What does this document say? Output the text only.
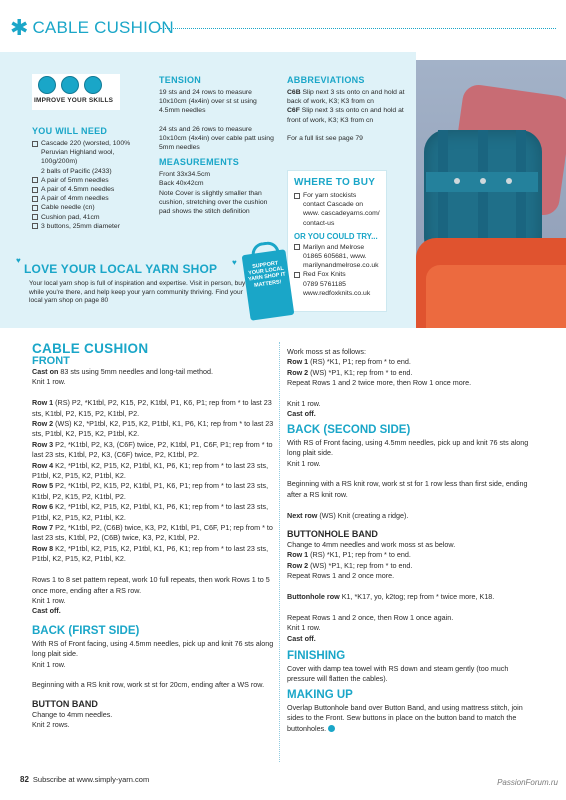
✱ CABLE CUSHION
IMPROVE YOUR SKILLS
YOU WILL NEED
Cascade 220 (worsted, 100% Peruvian Highland wool, 100g/200m)
2 balls of Pacific (2433)
A pair of 5mm needles
A pair of 4.5mm needles
A pair of 4mm needles
Cable needle (cn)
Cushion pad, 41cm
3 buttons, 25mm diameter
TENSION
19 sts and 24 rows to measure 10x10cm (4x4in) over st st using 4.5mm needles
24 sts and 26 rows to measure 10x10cm (4x4in) over cable patt using 5mm needles
MEASUREMENTS
Front 33x34.5cm
Back 40x42cm
Note Cover is slightly smaller than cushion, stretching over the cushion pad shows the stitch definition
ABBREVIATIONS
C6B Slip next 3 sts onto cn and hold at back of work, K3; K3 from cn
C6F Slip next 3 sts onto cn and hold at front of work, K3; K3 from cn
For a full list see page 79
WHERE TO BUY
For yarn stockists contact Cascade on www. cascadeyarns.com/ contact-us
OR YOU COULD TRY...
Marilyn and Melrose
01865 605681, www.
marilynandmelrose.co.uk
Red Fox Knits
0789 5761185
www.redfoxknits.co.uk
♥	♥
LOVE YOUR LOCAL YARN SHOP
Your local yarn shop is full of inspiration and expertise. Visit in person, buy while you're there, and help keep your yarn community thriving. Find your local yarn shop on page 80
SUPPORT YOUR LOCAL YARN SHOP IT MATTERS!
CABLE CUSHION
FRONT
Cast on 83 sts using 5mm needles and long-tail method.
Knit 1 row.
Row 1 (RS) P2, *K1tbl, P2, K15, P2, K1tbl, P1, K6, P1; rep from * to last 23 sts, K1tbl, P2, K15, P2, K1tbl, P2.
Row 2 (WS) K2, *P1tbl, K2, P15, K2, P1tbl, K1, P6, K1; rep from * to last 23 sts, P1tbl, K2, P15, K2, P1tbl, K2.
Row 3 P2, *K1tbl, P2, K3, (C6F) twice, P2, K1tbl, P1, C6F, P1; rep from * to last 23 sts, K1tbl, P2, K3, (C6F) twice, P2, K1tbl, P2.
Row 4 K2, *P1tbl, K2, P15, K2, P1tbl, K1, P6, K1; rep from * to last 23 sts, P1tbl, K2, P15, K2, P1tbl, K2.
Row 5 P2, *K1tbl, P2, K15, P2, K1tbl, P1, K6, P1; rep from * to last 23 sts, K1tbl, P2, K15, P2, K1tbl, P2.
Row 6 K2, *P1tbl, K2, P15, K2, P1tbl, K1, P6, K1; rep from * to last 23 sts, P1tbl, K2, P15, K2, P1tbl, K2.
Row 7 P2, *K1tbl, P2, (C6B) twice, K3, P2, K1tbl, P1, C6F, P1; rep from * to last 23 sts, K1tbl, P2, (C6B) twice, K3, P2, K1tbl, P2.
Row 8 K2, *P1tbl, K2, P15, K2, P1tbl, K1, P6, K1; rep from * to last 23 sts, P1tbl, K2, P15, K2, P1tbl, K2.
Rows 1 to 8 set pattern repeat, work 10 full repeats, then work Rows 1 to 5 once more, ending after a RS row.
Knit 1 row.
Cast off.
BACK (FIRST SIDE)
With RS of Front facing, using 4.5mm needles, pick up and knit 76 sts along long plait side.
Knit 1 row.
Beginning with a RS knit row, work st st for 20cm, ending after a WS row.
BUTTON BAND
Change to 4mm needles.
Knit 2 rows.
Work moss st as follows:
Row 1 (RS) *K1, P1; rep from * to end.
Row 2 (WS) *P1, K1; rep from * to end.
Repeat Rows 1 and 2 twice more, then Row 1 once more.
Knit 1 row.
Cast off.
BACK (SECOND SIDE)
With RS of Front facing, using 4.5mm needles, pick up and knit 76 sts along long plait side.
Knit 1 row.
Beginning with a RS knit row, work st st for 1 row less than first side, ending after a RS knit row.
Next row (WS) Knit (creating a ridge).
BUTTONHOLE BAND
Change to 4mm needles and work moss st as below.
Row 1 (RS) *K1, P1; rep from * to end.
Row 2 (WS) *P1, K1; rep from * to end.
Repeat Rows 1 and 2 once more.
Buttonhole row K1, *K17, yo, k2tog; rep from * twice more, K18.
Repeat Rows 1 and 2 once, then Row 1 once again.
Knit 1 row.
Cast off.
FINISHING
Cover with damp tea towel with RS down and steam gently (too much pressure will flatten the cables).
MAKING UP
Overlap Buttonhole band over Button Band, and using mattress stitch, join sides to the Front. Sew buttons in place on the button band to match the buttonholes.
82 Subscribe at www.simply-yarn.com	PassionForum.ru
